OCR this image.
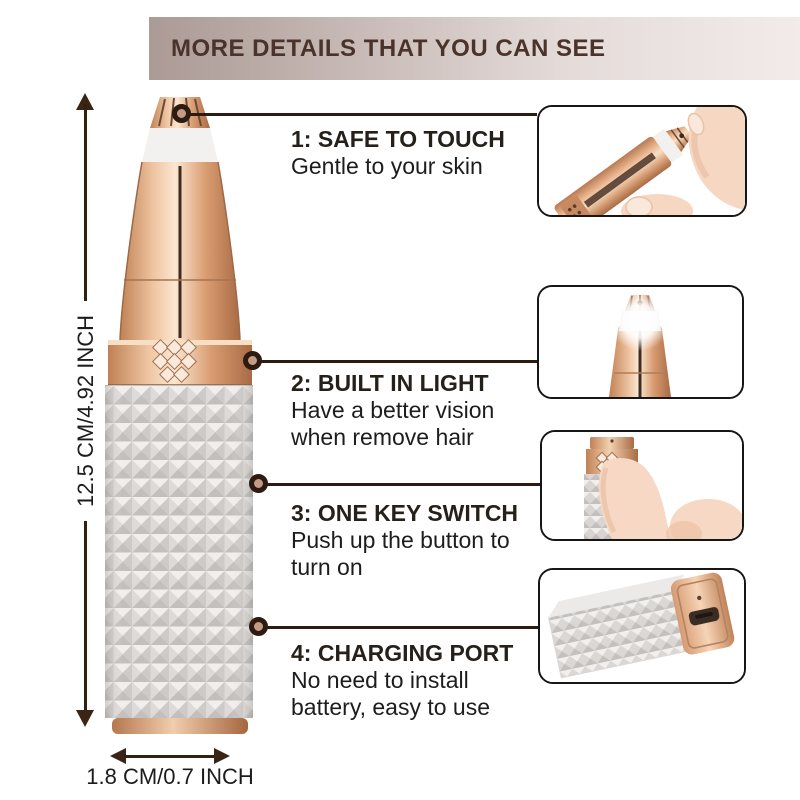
MORE DETAILS THAT YOU CAN SEE
12.5 CM/4.92 INCH
1.8 CM/0.7 INCH
1: SAFE TO TOUCH
Gentle to your skin
2: BUILT IN LIGHT
Have a better vision
when remove hair
3: ONE KEY SWITCH
Push up the button to
turn on
4: CHARGING PORT
No need to install
battery, easy to use
